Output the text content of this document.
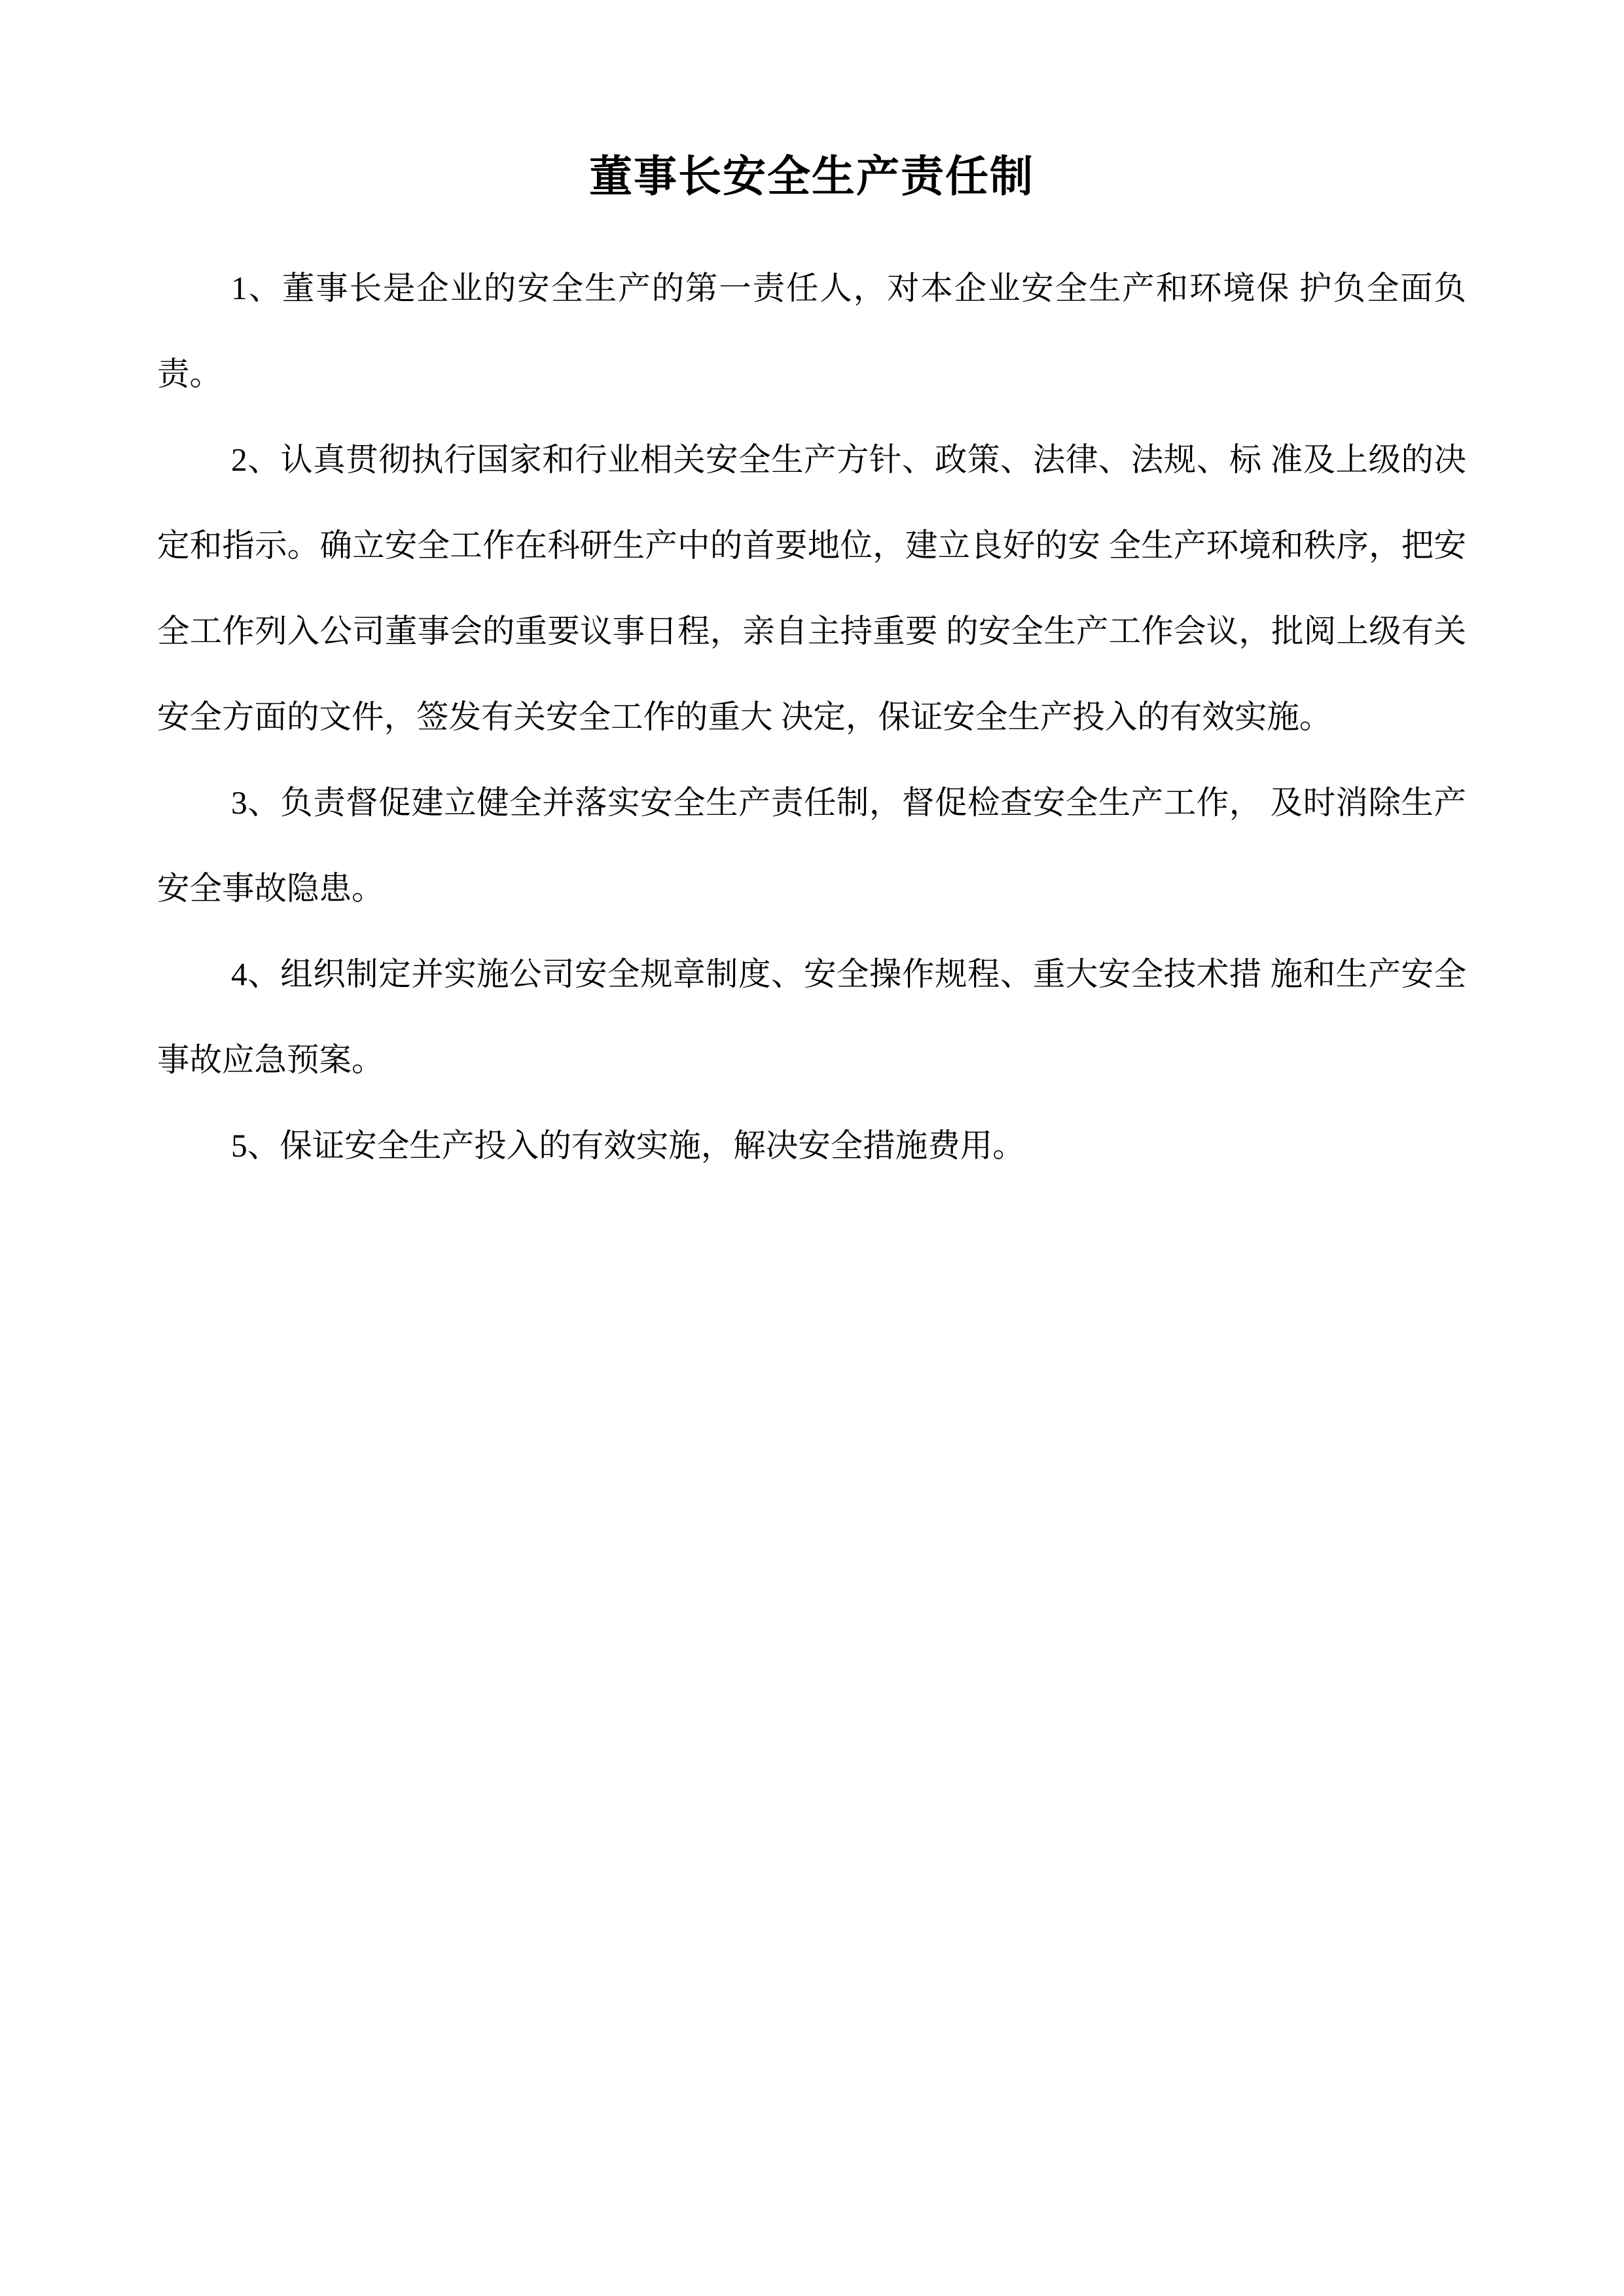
董事长安全生产责任制

1、董事长是企业的安全生产的第一责任人，对本企业安全生产和环境保 护负全面负责。

2、认真贯彻执行国家和行业相关安全生产方针、政策、法律、法规、标 准及上级的决定和指示。确立安全工作在科研生产中的首要地位，建立良好的安 全生产环境和秩序，把安全工作列入公司董事会的重要议事日程，亲自主持重要 的安全生产工作会议，批阅上级有关安全方面的文件，签发有关安全工作的重大 决定，保证安全生产投入的有效实施。

3、负责督促建立健全并落实安全生产责任制，督促检查安全生产工作， 及时消除生产安全事故隐患。

4、组织制定并实施公司安全规章制度、安全操作规程、重大安全技术措 施和生产安全事故应急预案。

5、保证安全生产投入的有效实施，解决安全措施费用。
